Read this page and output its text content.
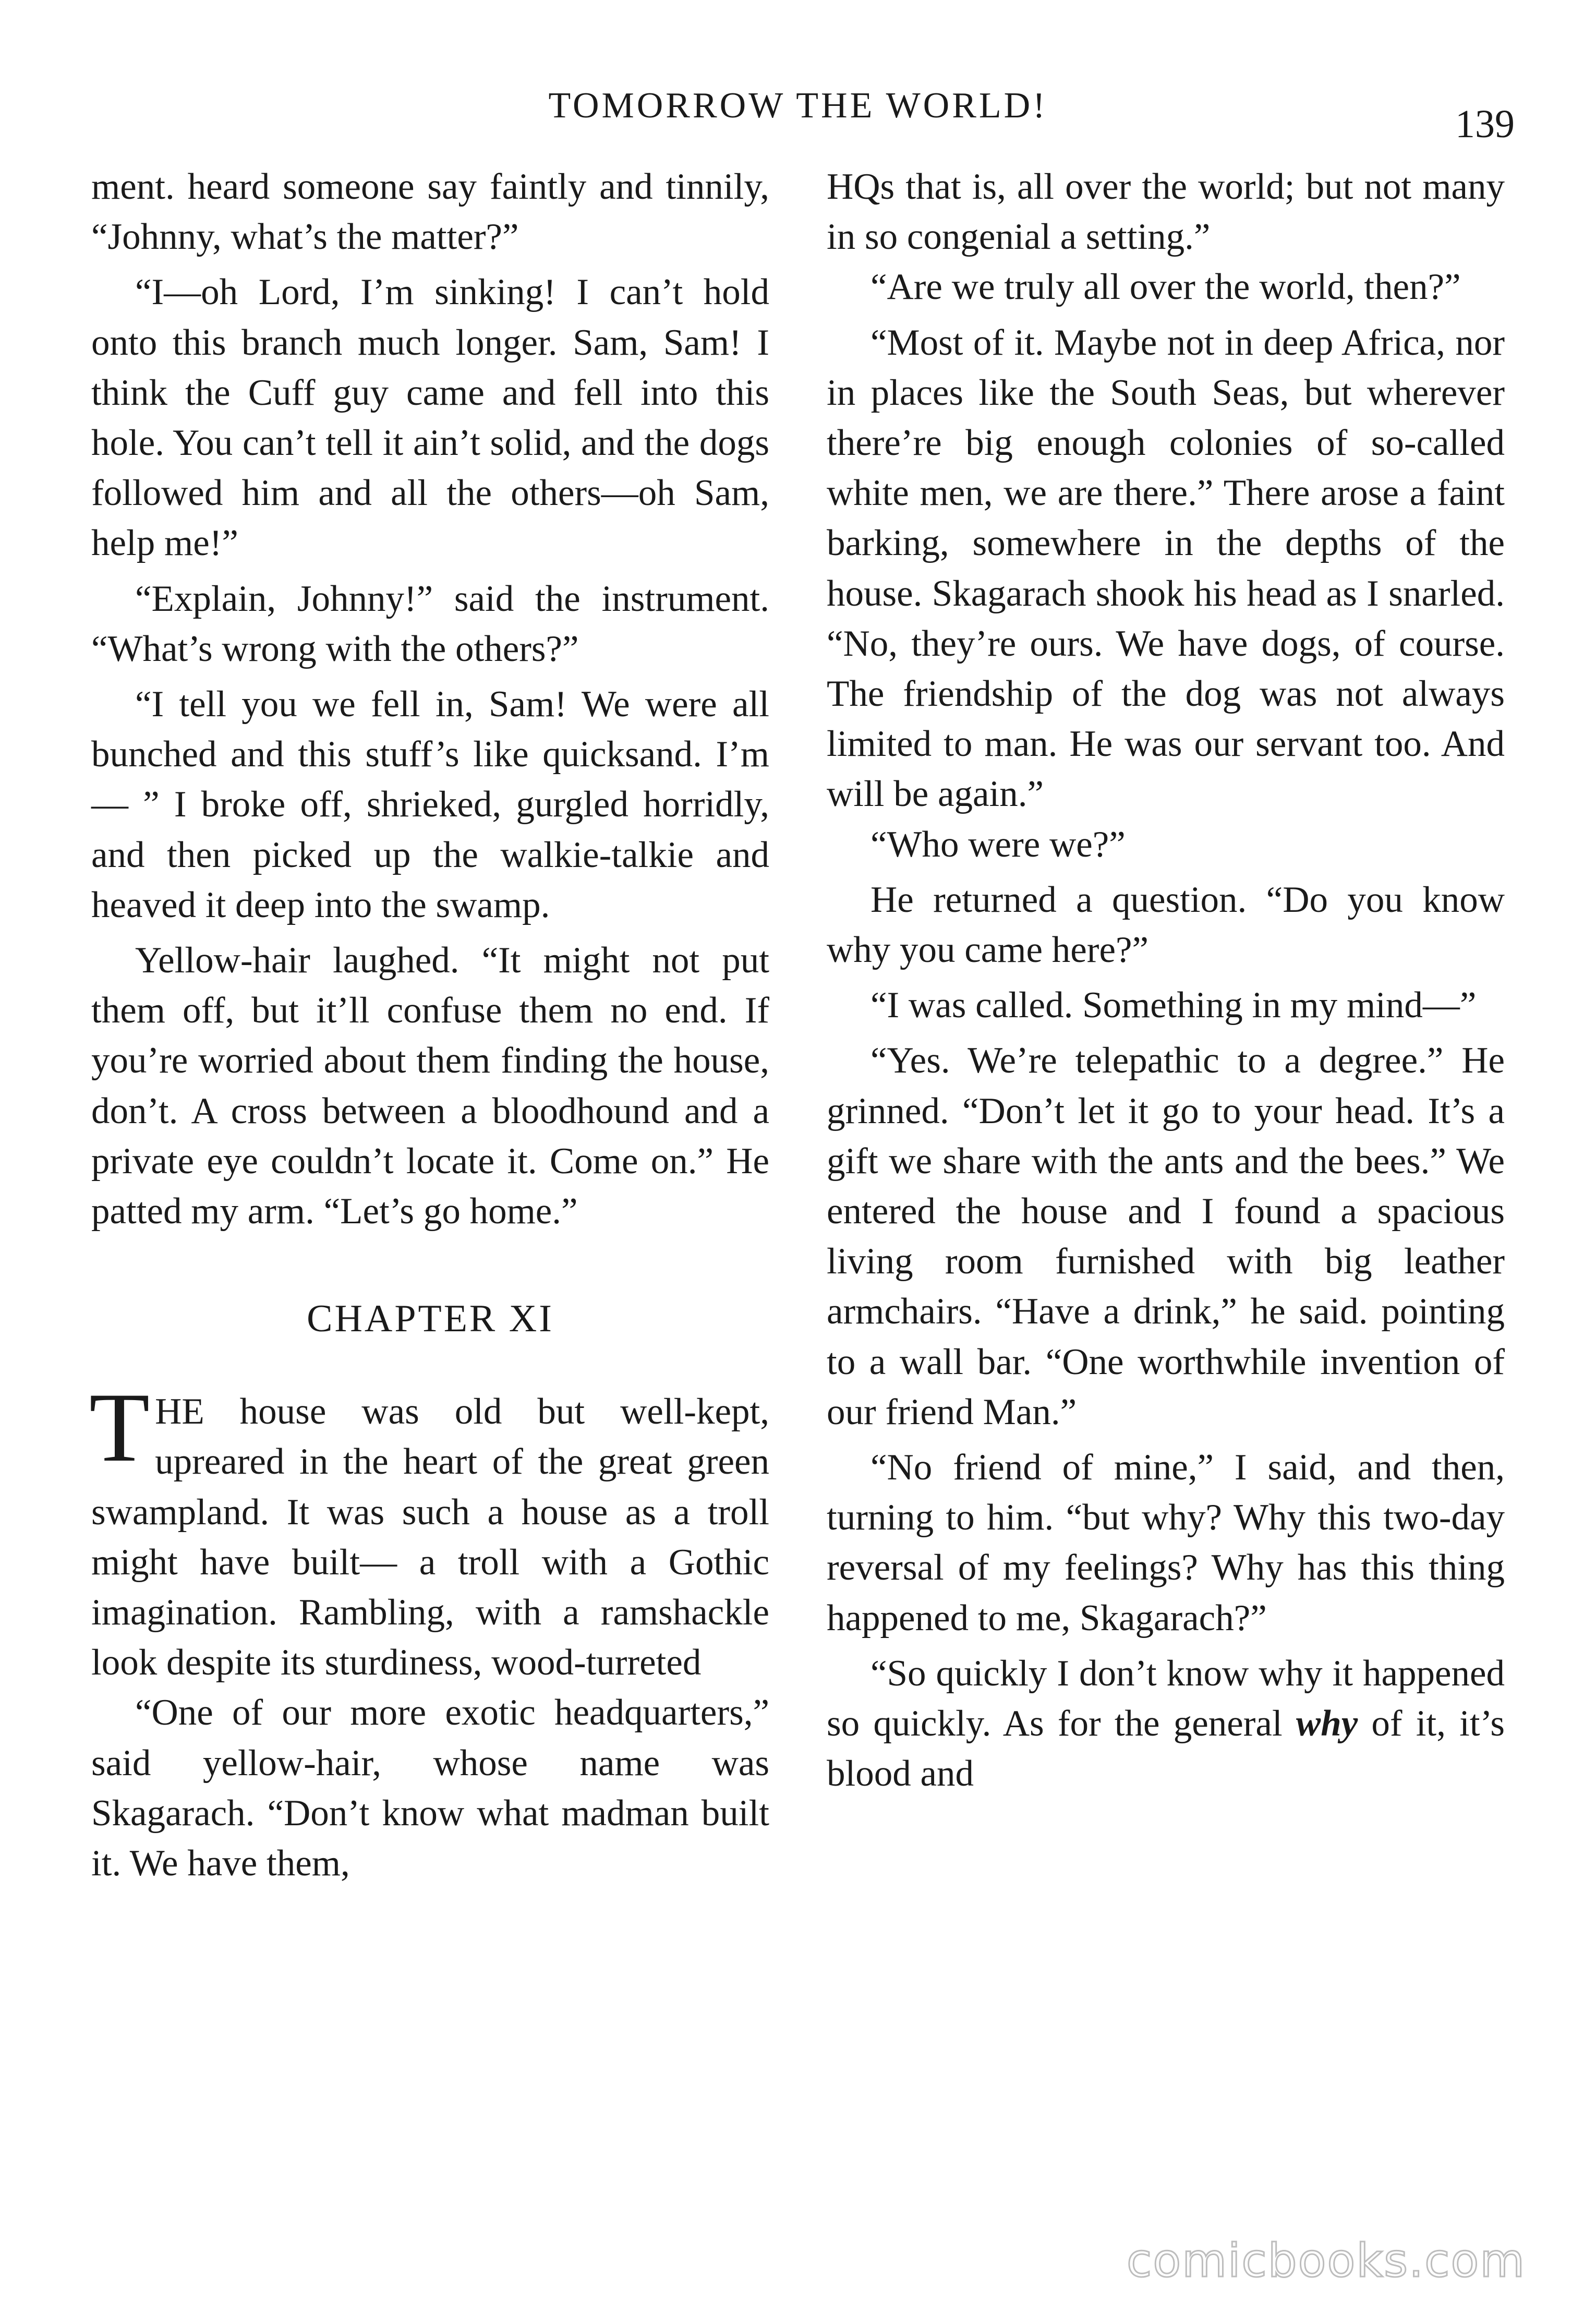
TOMORROW THE WORLD!	139

ment. heard someone say faintly and tinnily, “Johnny, what’s the matter?”

“I—oh Lord, I’m sinking! I can’t hold onto this branch much longer. Sam, Sam! I think the Cuff guy came and fell into this hole. You can’t tell it ain’t solid, and the dogs followed him and all the others—oh Sam, help me!”

“Explain, Johnny!” said the instrument. “What’s wrong with the others?”

“I tell you we fell in, Sam! We were all bunched and this stuff’s like quicksand. I’m — ” I broke off, shrieked, gurgled horridly, and then picked up the walkie-talkie and heaved it deep into the swamp.

Yellow-hair laughed. “It might not put them off, but it’ll confuse them no end. If you’re worried about them finding the house, don’t. A cross between a bloodhound and a private eye couldn’t locate it. Come on.” He patted my arm. “Let’s go home.”

CHAPTER XI

THE house was old but well-kept, upreared in the heart of the great green swampland. It was such a house as a troll might have built— a troll with a Gothic imagination. Rambling, with a ramshackle look despite its sturdiness, wood-turreted

“One of our more exotic headquarters,” said yellow-hair, whose name was Skagarach. “Don’t know what madman built it. We have them,

HQs that is, all over the world; but not many in so congenial a setting.”

“Are we truly all over the world, then?”

“Most of it. Maybe not in deep Africa, nor in places like the South Seas, but wherever there’re big enough colonies of so-called white men, we are there.” There arose a faint barking, somewhere in the depths of the house. Skagarach shook his head as I snarled. “No, they’re ours. We have dogs, of course. The friendship of the dog was not always limited to man. He was our servant too. And will be again.”

“Who were we?”

He returned a question. “Do you know why you came here?”

“I was called. Something in my mind—”

“Yes. We’re telepathic to a degree.” He grinned. “Don’t let it go to your head. It’s a gift we share with the ants and the bees.” We entered the house and I found a spacious living room furnished with big leather armchairs. “Have a drink,” he said. pointing to a wall bar. “One worthwhile invention of our friend Man.”

“No friend of mine,” I said, and then, turning to him. “but why? Why this two-day reversal of my feelings? Why has this thing happened to me, Skagarach?”

“So quickly I don’t know why it happened so quickly. As for the general why of it, it’s blood and

comicbooks.com
